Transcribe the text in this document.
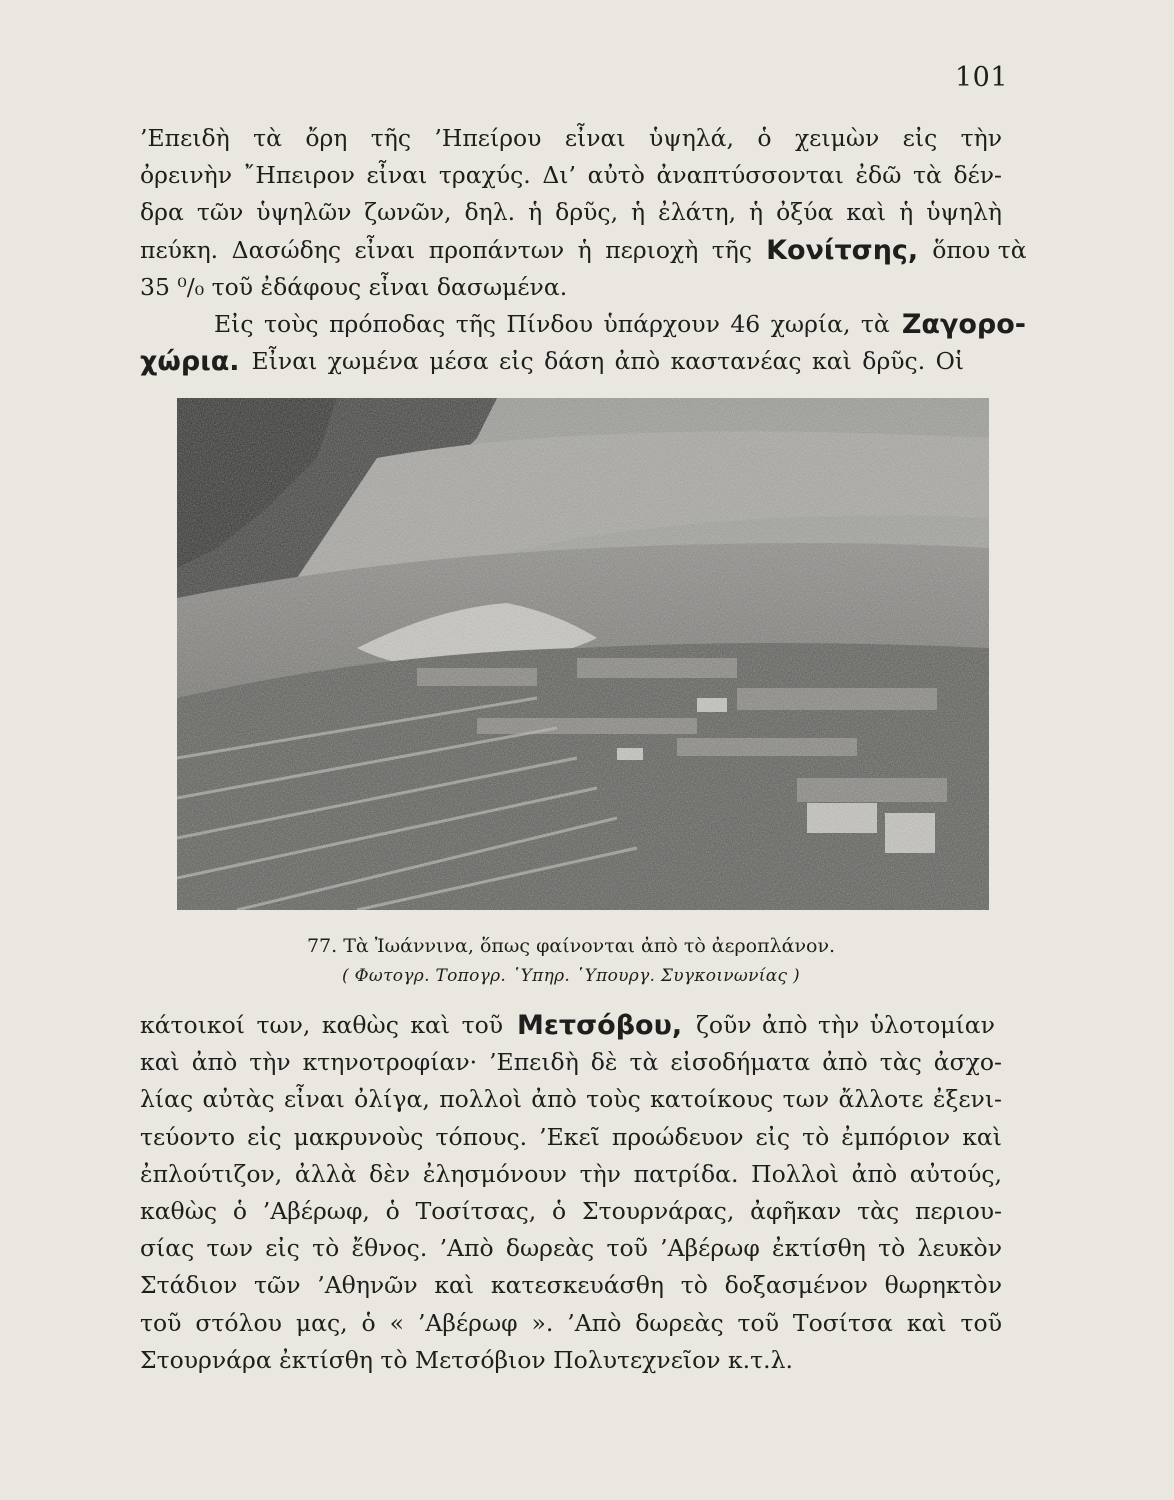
101
’Επειδὴ τὰ ὄρη τῆς ’Ηπείρου εἶναι ὑψηλά, ὁ χειμὼν εἰς τὴν
ὀρεινὴν ῎Ηπειρον εἶναι τραχύς. Δι’ αὐτὸ ἀναπτύσσονται ἐδῶ τὰ δέν-
δρα τῶν ὑψηλῶν ζωνῶν, δηλ. ἡ δρῦς, ἡ ἐλάτη, ἡ ὀξύα καὶ ἡ ὑψηλὴ
πεύκη. Δασώδης εἶναι προπάντων ἡ περιοχὴ τῆς Κονίτσης, ὅπου τὰ
35 ⁰/₀ τοῦ ἐδάφους εἶναι δασωμένα.
Εἰς τοὺς πρόποδας τῆς Πίνδου ὑπάρχουν 46 χωρία, τὰ Ζαγορο-
χώρια. Εἶναι χωμένα μέσα εἰς δάση ἀπὸ καστανέας καὶ δρῦς. Οἱ
77. Τὰ Ἰωάννινα, ὅπως φαίνονται ἀπὸ τὸ ἀεροπλάνον.
( Φωτογρ. Τοπογρ. ῾Υπηρ. ῾Υπουργ. Συγκοινωνίας )
κάτοικοί των, καθὼς καὶ τοῦ Μετσόβου, ζοῦν ἀπὸ τὴν ὑλοτομίαν
καὶ ἀπὸ τὴν κτηνοτροφίαν· ’Επειδὴ δὲ τὰ εἰσοδήματα ἀπὸ τὰς ἀσχο-
λίας αὐτὰς εἶναι ὀλίγα, πολλοὶ ἀπὸ τοὺς κατοίκους των ἄλλοτε ἐξενι-
τεύοντο εἰς μακρυνοὺς τόπους. ’Εκεῖ προώδευον εἰς τὸ ἐμπόριον καὶ
ἐπλούτιζον, ἀλλὰ δὲν ἐλησμόνουν τὴν πατρίδα. Πολλοὶ ἀπὸ αὐτούς,
καθὼς ὁ ’Αβέρωφ, ὁ Τοσίτσας, ὁ Στουρνάρας, ἀφῆκαν τὰς περιου-
σίας των εἰς τὸ ἔθνος. ’Απὸ δωρεὰς τοῦ ’Αβέρωφ ἐκτίσθη τὸ λευκὸν
Στάδιον τῶν ’Αθηνῶν καὶ κατεσκευάσθη τὸ δοξασμένον θωρηκτὸν
τοῦ στόλου μας, ὁ « ’Αβέρωφ ». ’Απὸ δωρεὰς τοῦ Τοσίτσα καὶ τοῦ
Στουρνάρα ἐκτίσθη τὸ Μετσόβιον Πολυτεχνεῖον κ.τ.λ.
